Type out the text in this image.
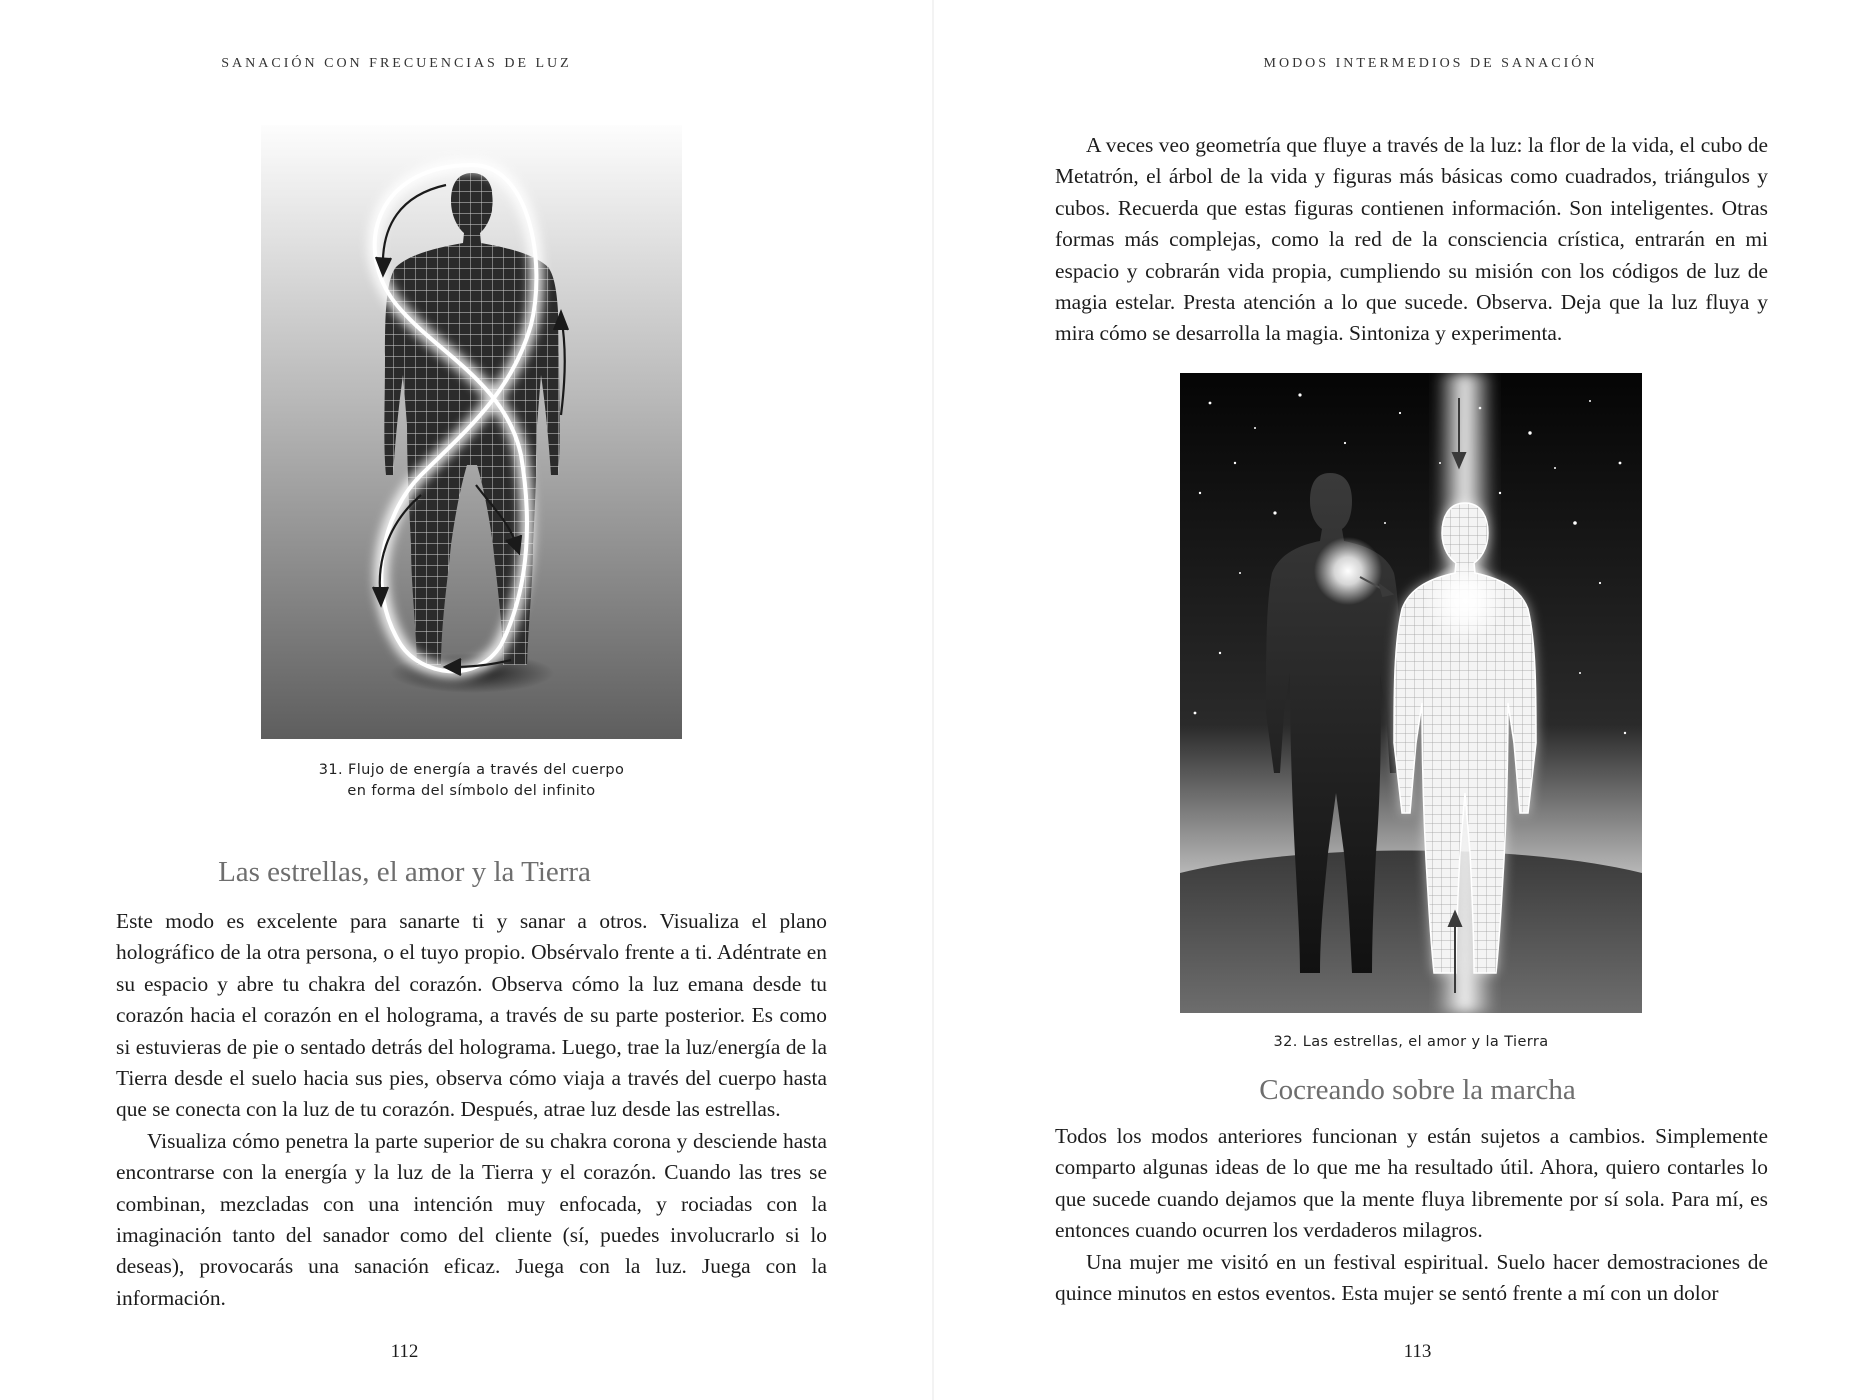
SANACIÓN CON FRECUENCIAS DE LUZ
31. Flujo de energía a través del cuerpo
en forma del símbolo del infinito
Las estrellas, el amor y la Tierra

Este modo es excelente para sanarte ti y sanar a otros. Visualiza el plano holográfico de la otra persona, o el tuyo propio. Obsérvalo frente a ti. Adéntrate en su espacio y abre tu chakra del corazón. Observa cómo la luz emana desde tu corazón hacia el corazón en el holograma, a través de su parte posterior. Es como si estuvieras de pie o sentado detrás del holograma. Luego, trae la luz/energía de la Tierra desde el suelo hacia sus pies, observa cómo viaja a través del cuerpo hasta que se conecta con la luz de tu corazón. Después, atrae luz desde las estrellas.

Visualiza cómo penetra la parte superior de su chakra corona y desciende hasta encontrarse con la energía y la luz de la Tierra y el corazón. Cuando las tres se combinan, mezcladas con una intención muy enfocada, y rociadas con la imaginación tanto del sanador como del cliente (sí, puedes involucrarlo si lo deseas), provocarás una sanación eficaz. Juega con la luz. Juega con la información.

112
MODOS INTERMEDIOS DE SANACIÓN

A veces veo geometría que fluye a través de la luz: la flor de la vida, el cubo de Metatrón, el árbol de la vida y figuras más básicas como cuadrados, triángulos y cubos. Recuerda que estas figuras contienen información. Son inteligentes. Otras formas más complejas, como la red de la consciencia crística, entrarán en mi espacio y cobrarán vida propia, cumpliendo su misión con los códigos de luz de magia estelar. Presta atención a lo que sucede. Observa. Deja que la luz fluya y mira cómo se desarrolla la magia. Sintoniza y experimenta.

32. Las estrellas, el amor y la Tierra
Cocreando sobre la marcha

Todos los modos anteriores funcionan y están sujetos a cambios. Simplemente comparto algunas ideas de lo que me ha resultado útil. Ahora, quiero contarles lo que sucede cuando dejamos que la mente fluya libremente por sí sola. Para mí, es entonces cuando ocurren los verdaderos milagros.

Una mujer me visitó en un festival espiritual. Suelo hacer demostraciones de quince minutos en estos eventos. Esta mujer se sentó frente a mí con un dolor

113
